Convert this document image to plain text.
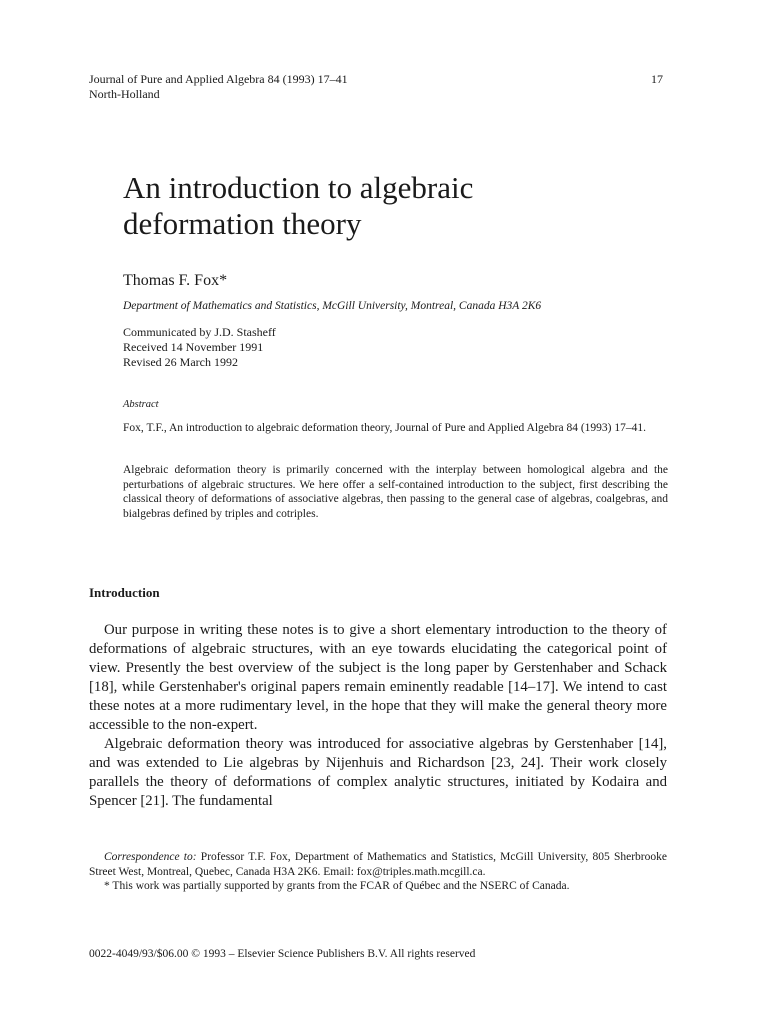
Journal of Pure and Applied Algebra 84 (1993) 17–41
North-Holland
17
An introduction to algebraic
deformation theory
Thomas F. Fox*
Department of Mathematics and Statistics, McGill University, Montreal, Canada H3A 2K6
Communicated by J.D. Stasheff
Received 14 November 1991
Revised 26 March 1992
Abstract
Fox, T.F., An introduction to algebraic deformation theory, Journal of Pure and Applied Algebra 84 (1993) 17–41.
Algebraic deformation theory is primarily concerned with the interplay between homological algebra and the perturbations of algebraic structures. We here offer a self-contained introduction to the subject, first describing the classical theory of deformations of associative algebras, then passing to the general case of algebras, coalgebras, and bialgebras defined by triples and cotriples.
Introduction

Our purpose in writing these notes is to give a short elementary introduction to the theory of deformations of algebraic structures, with an eye towards elucidating the categorical point of view. Presently the best overview of the subject is the long paper by Gerstenhaber and Schack [18], while Gerstenhaber's original papers remain eminently readable [14–17]. We intend to cast these notes at a more rudimentary level, in the hope that they will make the general theory more accessible to the non-expert.

Algebraic deformation theory was introduced for associative algebras by Gerstenhaber [14], and was extended to Lie algebras by Nijenhuis and Richardson [23, 24]. Their work closely parallels the theory of deformations of complex analytic structures, initiated by Kodaira and Spencer [21]. The fundamental

Correspondence to: Professor T.F. Fox, Department of Mathematics and Statistics, McGill University, 805 Sherbrooke Street West, Montreal, Quebec, Canada H3A 2K6. Email: fox@triples.math.mcgill.ca.

* This work was partially supported by grants from the FCAR of Québec and the NSERC of Canada.

0022-4049/93/$06.00 © 1993 – Elsevier Science Publishers B.V. All rights reserved
